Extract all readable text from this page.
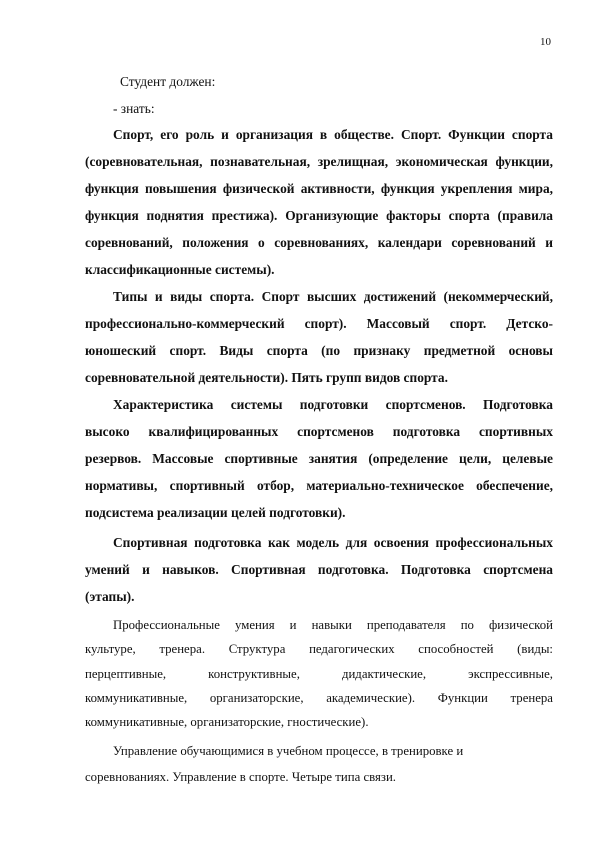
10
Студент должен:
- знать:
Спорт, его роль и организация в обществе. Спорт. Функции спорта
(соревновательная, познавательная, зрелищная, экономическая функции,
функция повышения физической активности, функция укрепления мира,
функция поднятия престижа). Организующие факторы спорта (правила
соревнований, положения о соревнованиях, календари соревнований и
классификационные системы).
Типы и виды спорта. Спорт высших достижений (некоммерческий,
профессионально-коммерческий спорт). Массовый спорт. Детско-
юношеский спорт. Виды спорта (по признаку предметной основы
соревновательной деятельности). Пять групп видов спорта.
Характеристика системы подготовки спортсменов. Подготовка
высоко квалифицированных спортсменов подготовка спортивных
резервов. Массовые спортивные занятия (определение цели, целевые
нормативы, спортивный отбор, материально-техническое обеспечение,
подсистема реализации целей подготовки).
Спортивная подготовка как модель для освоения профессиональных
умений и навыков. Спортивная подготовка. Подготовка спортсмена
(этапы).
Профессиональные умения и навыки преподавателя по физической
культуре, тренера. Структура педагогических способностей (виды:
перцептивные, конструктивные, дидактические, экспрессивные,
коммуникативные, организаторские, академические). Функции тренера
коммуникативные, организаторские, гностические).
Управление обучающимися в учебном процессе, в тренировке и
соревнованиях. Управление в спорте. Четыре типа связи.
